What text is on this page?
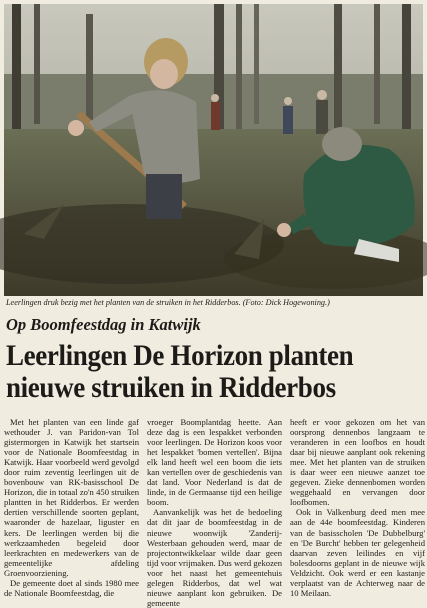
Leerlingen druk bezig met het planten van de struiken in het Ridderbos. (Foto: Dick Hogewoning.)
Op Boomfeestdag in Katwijk
Leerlingen De Horizon planten
nieuwe struiken in Ridderbos

Met het planten van een linde gaf wethouder J. van Paridon-van Tol gistermorgen in Katwijk het startsein voor de Nationale Boomfeestdag in Katwijk. Haar voorbeeld werd gevolgd door ruim zeventig leerlingen uit de bovenbouw van RK-basisschool De Horizon, die in totaal zo'n 450 struiken plantten in het Ridderbos. Er werden dertien verschillende soorten geplant, waaronder de hazelaar, liguster en kers. De leerlingen werden bij die werkzaamheden begeleid door leerkrachten en medewerkers van de gemeentelijke afdeling Groenvoorziening.

De gemeente doet al sinds 1980 mee de Nationale Boomfeestdag, die

vroeger Boomplantdag heette. Aan deze dag is een lespakket verbonden voor leerlingen. De Horizon koos voor het lespakket 'bomen vertellen'. Bijna elk land heeft wel een boom die iets kan vertellen over de geschiedenis van dat land. Voor Nederland is dat de linde, in de Germaanse tijd een heilige boom.

Aanvankelijk was het de bedoeling dat dit jaar de boomfeestdag in de nieuwe woonwijk 'Zanderij-Westerbaan gehouden werd, maar de projectontwikkelaar wilde daar geen tijd voor vrijmaken. Dus werd gekozen voor het naast het gemeentehuis gelegen Ridderbos, dat wel wat nieuwe aanplant kon gebruiken. De gemeente

heeft er voor gekozen om het van oorsprong dennenbos langzaam te veranderen in een loofbos en houdt daar bij nieuwe aanplant ook rekening mee. Met het planten van de struiken is daar weer een nieuwe aanzet toe gegeven. Zieke dennenbomen worden weggehaald en vervangen door loofbomen.

Ook in Valkenburg deed men mee aan de 44e boomfeestdag. Kinderen van de basisscholen 'De Dubbelburg' en 'De Burcht' hebben ter gelegenheid daarvan zeven leilindes en vijf bolesdoorns geplant in de nieuwe wijk Veldzicht. Ook werd er een kastanje verplaatst van de Achterweg naar de 10 Meilaan.
